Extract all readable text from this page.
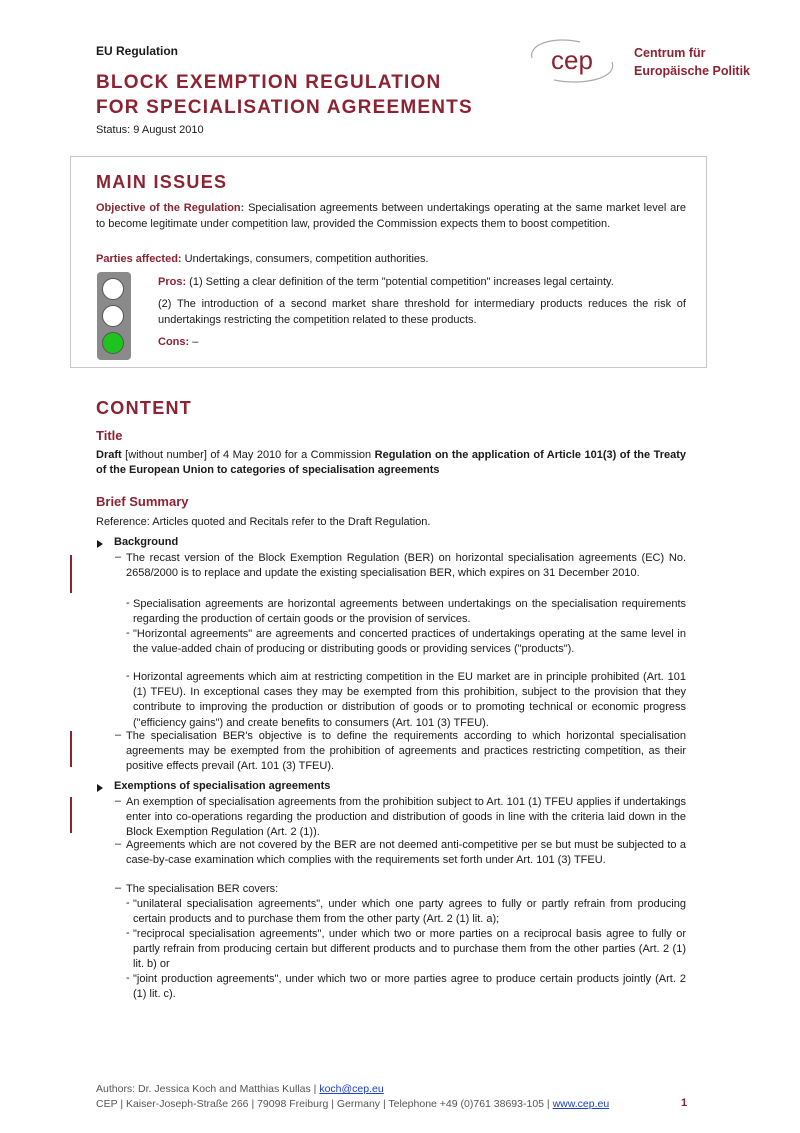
EU Regulation
BLOCK EXEMPTION REGULATION
FOR SPECIALISATION AGREEMENTS
Status: 9 August 2010
cep	Centrum für
Europäische Politik
MAIN ISSUES
Objective of the Regulation: Specialisation agreements between undertakings operating at the same market level are to become legitimate under competition law, provided the Commission expects them to boost competition.
Parties affected: Undertakings, consumers, competition authorities.
Pros: (1) Setting a clear definition of the term "potential competition" increases legal certainty.
(2) The introduction of a second market share threshold for intermediary products reduces the risk of undertakings restricting the competition related to these products.
Cons: –
CONTENT
Title
Draft [without number] of 4 May 2010 for a Commission Regulation on the application of Article 101(3) of the Treaty of the European Union to categories of specialisation agreements
Brief Summary
Reference: Articles quoted and Recitals refer to the Draft Regulation.
Background
– The recast version of the Block Exemption Regulation (BER) on horizontal specialisation agreements (EC) No. 2658/2000 is to replace and update the existing specialisation BER, which expires on 31 December 2010.
- Specialisation agreements are horizontal agreements between undertakings on the specialisation requirements regarding the production of certain goods or the provision of services.
- "Horizontal agreements" are agreements and concerted practices of undertakings operating at the same level in the value-added chain of producing or distributing goods or providing services ("products").
- Horizontal agreements which aim at restricting competition in the EU market are in principle prohibited (Art. 101 (1) TFEU). In exceptional cases they may be exempted from this prohibition, subject to the provision that they contribute to improving the production or distribution of goods or to promoting technical or economic progress ("efficiency gains") and create benefits to consumers (Art. 101 (3) TFEU).
– The specialisation BER's objective is to define the requirements according to which horizontal specialisation agreements may be exempted from the prohibition of agreements and practices restricting competition, as their positive effects prevail (Art. 101 (3) TFEU).
Exemptions of specialisation agreements
– An exemption of specialisation agreements from the prohibition subject to Art. 101 (1) TFEU applies if undertakings enter into co-operations regarding the production and distribution of goods in line with the criteria laid down in the Block Exemption Regulation (Art. 2 (1)).
– Agreements which are not covered by the BER are not deemed anti-competitive per se but must be subjected to a case-by-case examination which complies with the requirements set forth under Art. 101 (3) TFEU.
– The specialisation BER covers:
- "unilateral specialisation agreements", under which one party agrees to fully or partly refrain from producing certain products and to purchase them from the other party (Art. 2 (1) lit. a);
- "reciprocal specialisation agreements", under which two or more parties on a reciprocal basis agree to fully or partly refrain from producing certain but different products and to purchase them from the other parties (Art. 2 (1) lit. b) or
- "joint production agreements", under which two or more parties agree to produce certain products jointly (Art. 2 (1) lit. c).
Authors: Dr. Jessica Koch and Matthias Kullas | koch@cep.eu
CEP | Kaiser-Joseph-Straße 266 | 79098 Freiburg | Germany | Telephone +49 (0)761 38693-105 | www.cep.eu	1
